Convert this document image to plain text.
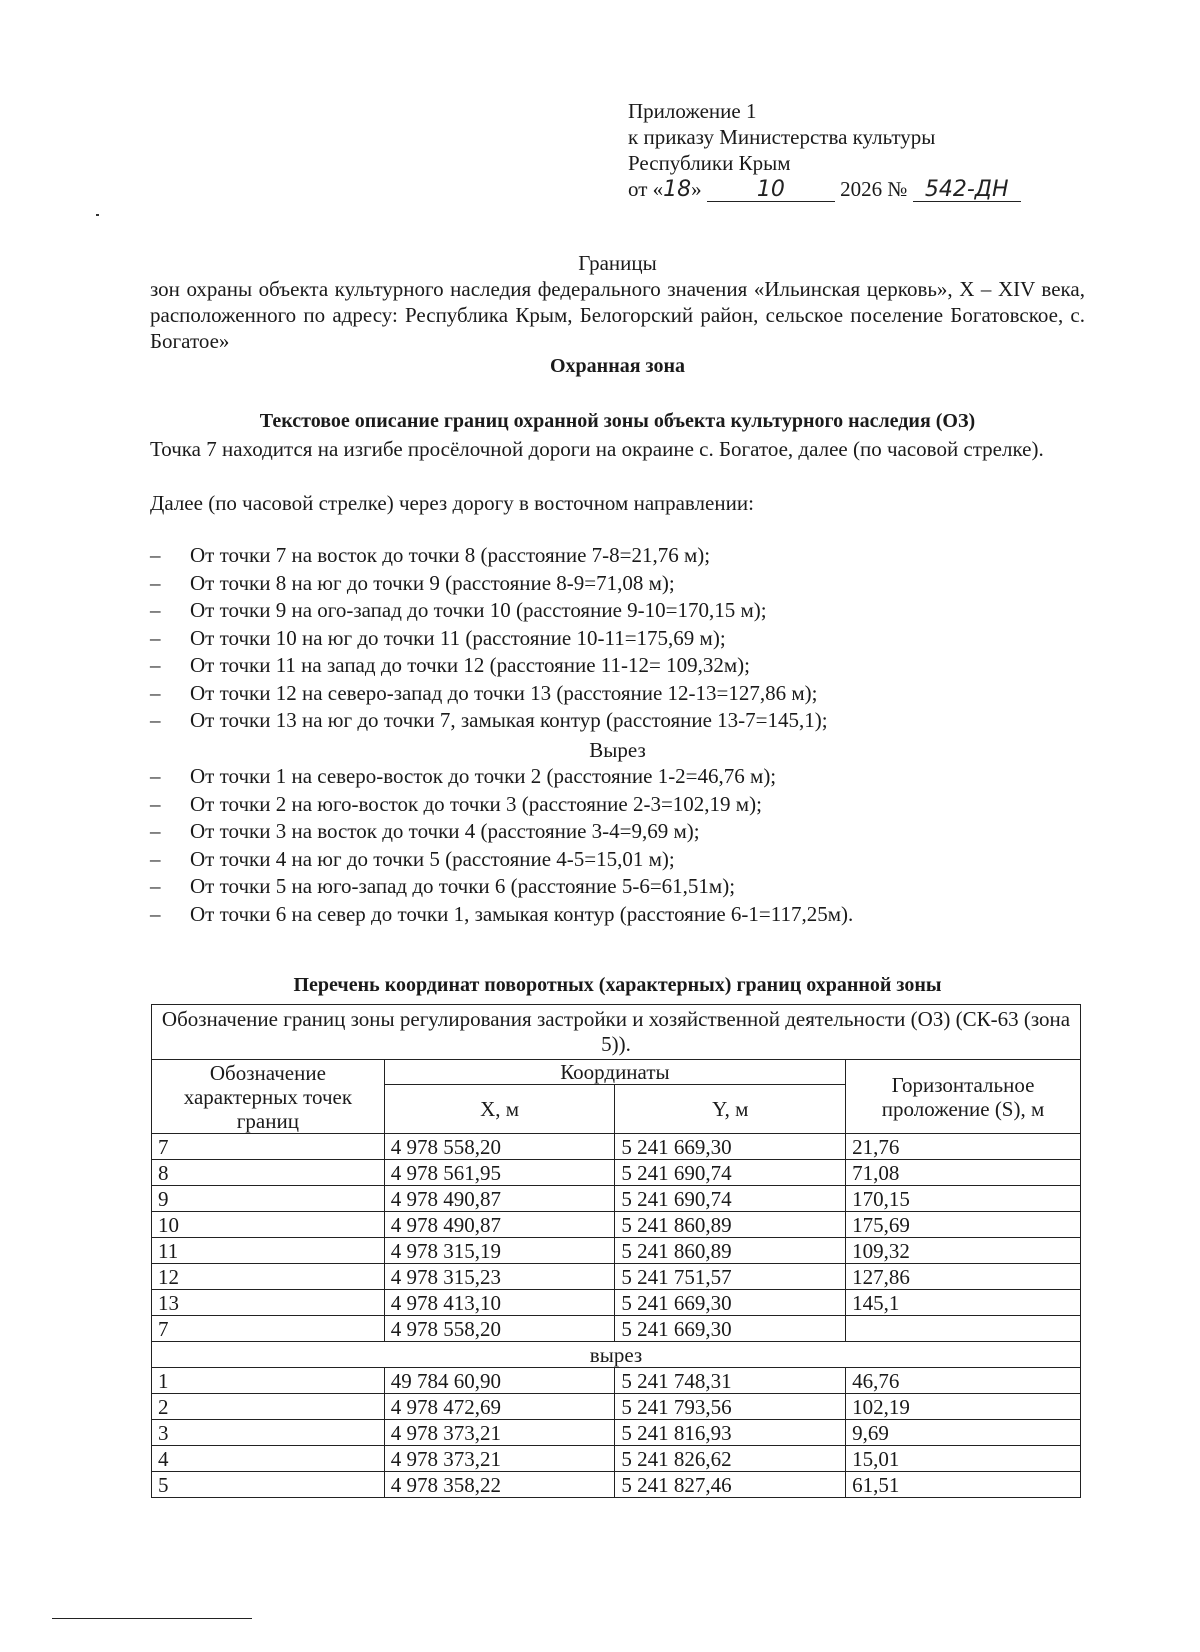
Приложение 1
к приказу Министерства культуры
Республики Крым
от «18»	10	2026 № 542-ДН
Границы
зон охраны объекта культурного наследия федерального значения «Ильинская церковь», X – XIV века, расположенного по адресу: Республика Крым, Белогорский район, сельское поселение Богатовское, с. Богатое»
Охранная зона
Текстовое описание границ охранной зоны объекта культурного наследия (ОЗ)
Точка 7 находится на изгибе просёлочной дороги на окраине с. Богатое, далее (по часовой стрелке).
Далее (по часовой стрелке) через дорогу в восточном направлении:
– От точки 7 на восток до точки 8 (расстояние 7-8=21,76 м);
– От точки 8 на юг до точки 9 (расстояние 8-9=71,08 м);
– От точки 9 на ого-запад до точки 10 (расстояние 9-10=170,15 м);
– От точки 10 на юг до точки 11 (расстояние 10-11=175,69 м);
– От точки 11 на запад до точки 12 (расстояние 11-12= 109,32м);
– От точки 12 на северо-запад до точки 13 (расстояние 12-13=127,86 м);
– От точки 13 на юг до точки 7, замыкая контур (расстояние 13-7=145,1);
Вырез
– От точки 1 на северо-восток до точки 2 (расстояние 1-2=46,76 м);
– От точки 2 на юго-восток до точки 3 (расстояние 2-3=102,19 м);
– От точки 3 на восток до точки 4 (расстояние 3-4=9,69 м);
– От точки 4 на юг до точки 5 (расстояние 4-5=15,01 м);
– От точки 5 на юго-запад до точки 6 (расстояние 5-6=61,51м);
– От точки 6 на север до точки 1, замыкая контур (расстояние 6-1=117,25м).
Перечень координат поворотных (характерных) границ охранной зоны
Обозначение границ зоны регулирования застройки и хозяйственной деятельности (ОЗ) (СК-63 (зона 5)).			
Обозначение характерных точек границ	Координаты		Горизонтальное проложение (S), м
	X, м	Y, м	
7	4 978 558,20	5 241 669,30	21,76
8	4 978 561,95	5 241 690,74	71,08
9	4 978 490,87	5 241 690,74	170,15
10	4 978 490,87	5 241 860,89	175,69
11	4 978 315,19	5 241 860,89	109,32
12	4 978 315,23	5 241 751,57	127,86
13	4 978 413,10	5 241 669,30	145,1
7	4 978 558,20	5 241 669,30	
вырез			
1	49 784 60,90	5 241 748,31	46,76
2	4 978 472,69	5 241 793,56	102,19
3	4 978 373,21	5 241 816,93	9,69
4	4 978 373,21	5 241 826,62	15,01
5	4 978 358,22	5 241 827,46	61,51
